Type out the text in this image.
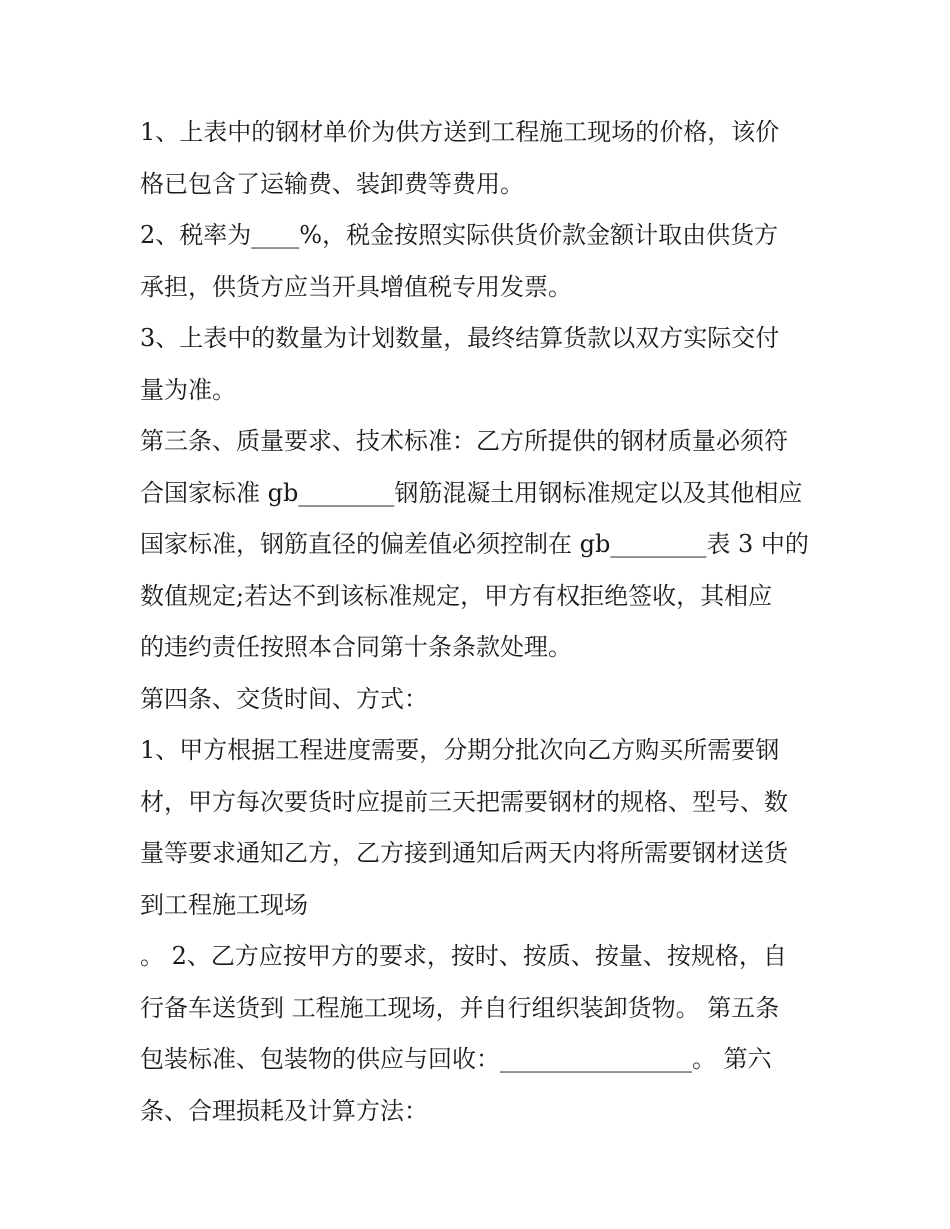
1、上表中的钢材单价为供方送到工程施工现场的价格，该价
格已包含了运输费、装卸费等费用。
2、税率为____%，税金按照实际供货价款金额计取由供货方
承担，供货方应当开具增值税专用发票。
3、上表中的数量为计划数量，最终结算货款以双方实际交付
量为准。
第三条、质量要求、技术标准：乙方所提供的钢材质量必须符
合国家标准 gb________钢筋混凝土用钢标准规定以及其他相应
国家标准，钢筋直径的偏差值必须控制在 gb________表 3 中的
数值规定;若达不到该标准规定，甲方有权拒绝签收，其相应
的违约责任按照本合同第十条条款处理。
第四条、交货时间、方式：
1、甲方根据工程进度需要，分期分批次向乙方购买所需要钢
材，甲方每次要货时应提前三天把需要钢材的规格、型号、数
量等要求通知乙方，乙方接到通知后两天内将所需要钢材送货
到工程施工现场
。 2、乙方应按甲方的要求，按时、按质、按量、按规格，自
行备车送货到 工程施工现场，并自行组织装卸货物。 第五条
包装标准、包装物的供应与回收：________________。 第六
条、合理损耗及计算方法：
